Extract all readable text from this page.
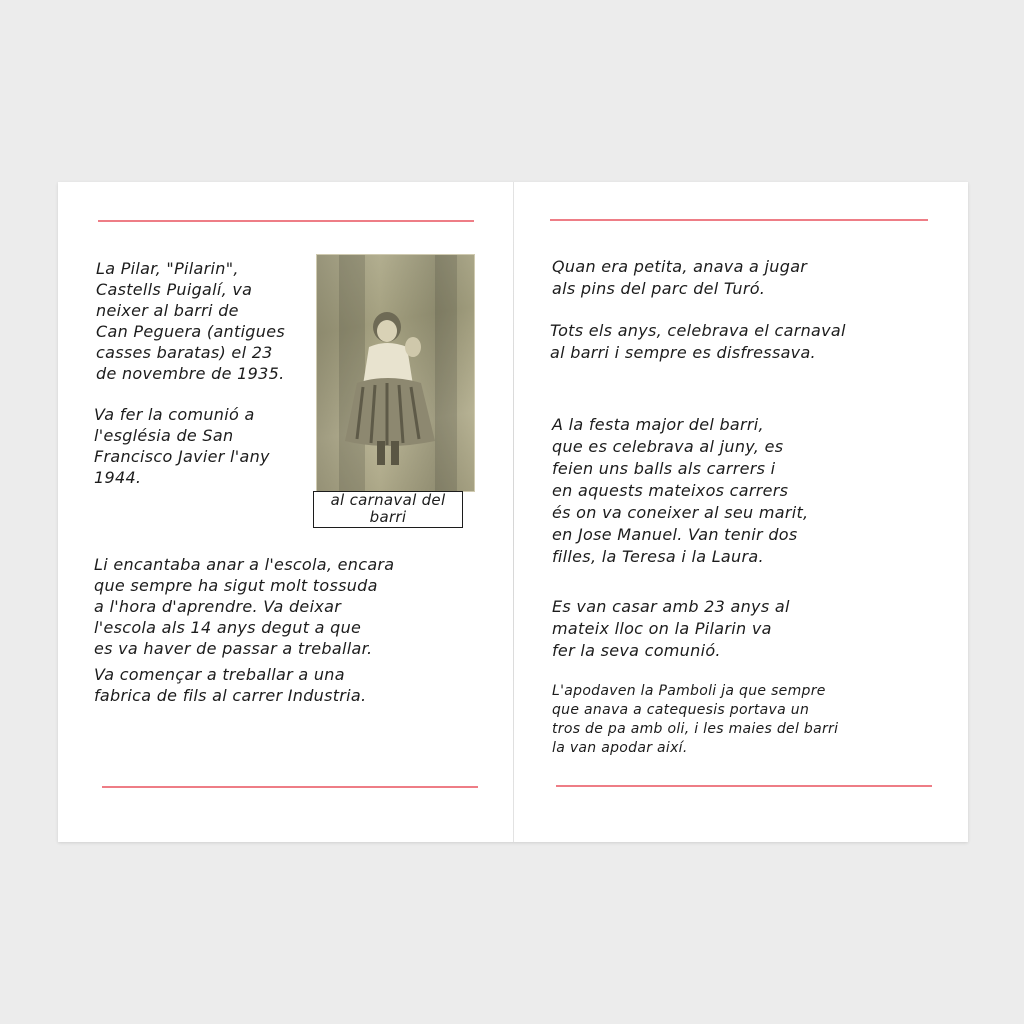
La Pilar, "Pilarin",
Castells Puigalí, va
neixer al barri de
Can Peguera (antigues
casses baratas) el 23
de novembre de 1935.

Va fer la comunió a
l'església de San
Francisco Javier l'any
1944.

al carnaval del
barri

Li encantaba anar a l'escola, encara
que sempre ha sigut molt tossuda
a l'hora d'aprendre. Va deixar
l'escola als 14 anys degut a que
es va haver de passar a treballar.

Va començar a treballar a una
fabrica de fils al carrer Industria.

Quan era petita, anava a jugar
als pins del parc del Turó.

Tots els anys, celebrava el carnaval
al barri i sempre es disfressava.

A la festa major del barri,
que es celebrava al juny, es
feien uns balls als carrers i
en aquests mateixos carrers
és on va coneixer al seu marit,
en Jose Manuel. Van tenir dos
filles, la Teresa i la Laura.

Es van casar amb 23 anys al
mateix lloc on la Pilarin va
fer la seva comunió.

L'apodaven la Pamboli ja que sempre
que anava a catequesis portava un
tros de pa amb oli, i les maies del barri
la van apodar així.
